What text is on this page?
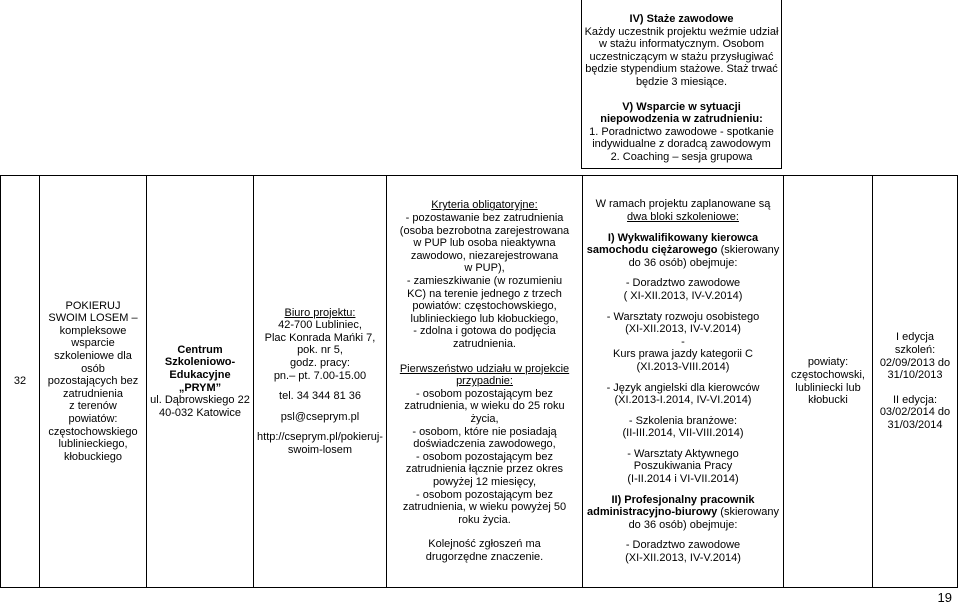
IV) Staże zawodowe

Każdy uczestnik projektu weźmie udział

w stażu informatycznym. Osobom

uczestniczącym w stażu przysługiwać

będzie stypendium stażowe. Staż trwać

będzie 3 miesiące.

V) Wsparcie w sytuacji

niepowodzenia w zatrudnieniu:

1. Poradnictwo zawodowe - spotkanie

indywidualne z doradcą zawodowym

2. Coaching – sesja grupowa

32
POKIERUJ
SWOIM LOSEM –
kompleksowe
wsparcie
szkoleniowe dla
osób
pozostających bez
zatrudnienia
z terenów
powiatów:
częstochowskiego
lublinieckiego,
kłobuckiego
Centrum
Szkoleniowo-
Edukacyjne
„PRYM”
ul. Dąbrowskiego 22
40-032 Katowice
Biuro projektu:
42-700 Lubliniec,
Plac Konrada Mańki 7,
pok. nr 5,
godz. pracy:
pn.– pt. 7.00-15.00
tel. 34 344 81 36
psl@cseprym.pl
http://cseprym.pl/pokieruj-
swoim-losem
Kryteria obligatoryjne:
- pozostawanie bez zatrudnienia
(osoba bezrobotna zarejestrowana
w PUP lub osoba nieaktywna
zawodowo, niezarejestrowana
w PUP),
- zamieszkiwanie (w rozumieniu
KC) na terenie jednego z trzech
powiatów: częstochowskiego,
lublinieckiego lub kłobuckiego,
- zdolna i gotowa do podjęcia
zatrudnienia.
Pierwszeństwo udziału w projekcie
przypadnie:
- osobom pozostającym bez
zatrudnienia, w wieku do 25 roku
życia,
- osobom, które nie posiadają
doświadczenia zawodowego,
- osobom pozostającym bez
zatrudnienia łącznie przez okres
powyżej 12 miesięcy,
- osobom pozostającym bez
zatrudnienia, w wieku powyżej 50
roku życia.
Kolejność zgłoszeń ma
drugorzędne znaczenie.
W ramach projektu zaplanowane są
dwa bloki szkoleniowe:
I) Wykwalifikowany kierowca
samochodu ciężarowego (skierowany
do 36 osób) obejmuje:
- Doradztwo zawodowe
( XI-XII.2013, IV-V.2014)
- Warsztaty rozwoju osobistego
(XI-XII.2013, IV-V.2014)
-
Kurs prawa jazdy kategorii C
(XI.2013-VIII.2014)
- Język angielski dla kierowców
(XI.2013-I.2014, IV-VI.2014)
- Szkolenia branżowe:
(II-III.2014, VII-VIII.2014)
- Warsztaty Aktywnego
Poszukiwania Pracy
(I-II.2014 i VI-VII.2014)
II) Profesjonalny pracownik
administracyjno-biurowy (skierowany
do 36 osób) obejmuje:
- Doradztwo zawodowe
(XI-XII.2013, IV-V.2014)
powiaty:
częstochowski,
lubliniecki lub
kłobucki
I edycja
szkoleń:
02/09/2013 do
31/10/2013
II edycja:
03/02/2014 do
31/03/2014
19
